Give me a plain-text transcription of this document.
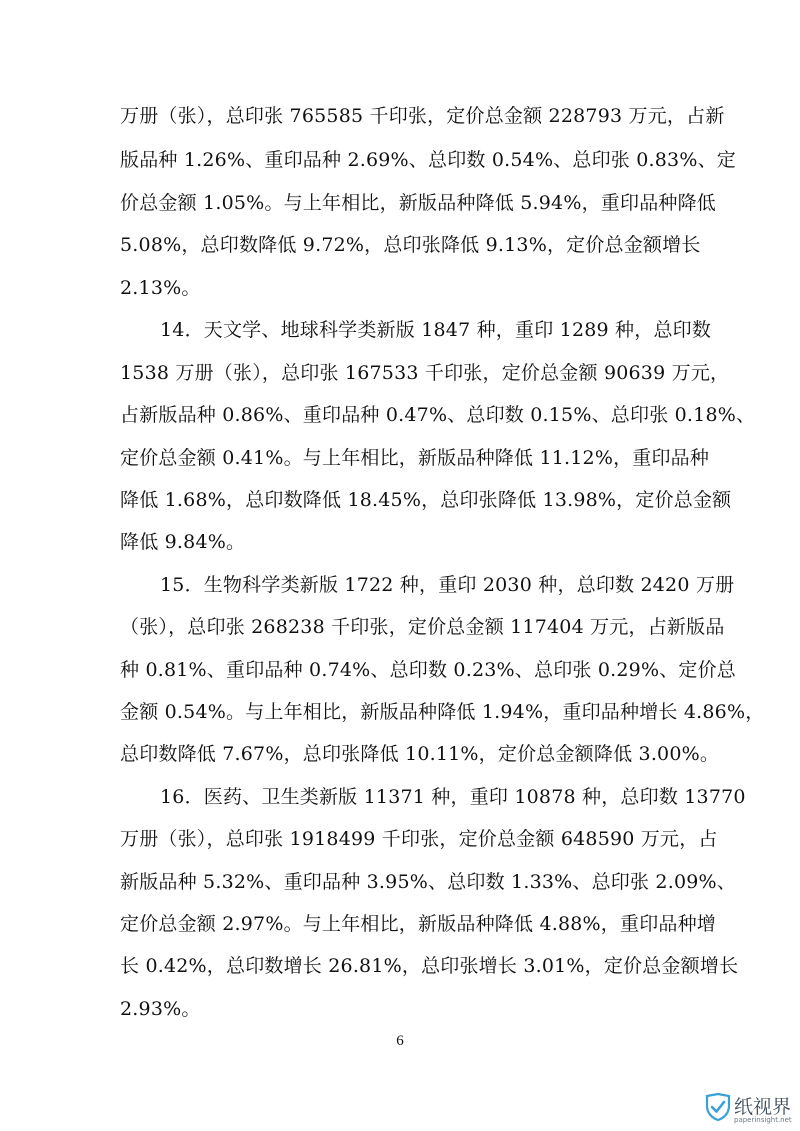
万册（张），总印张 765585 千印张，定价总金额 228793 万元，占新
版品种 1.26%、重印品种 2.69%、总印数 0.54%、总印张 0.83%、定
价总金额 1.05%。与上年相比，新版品种降低 5.94%，重印品种降低
5.08%，总印数降低 9.72%，总印张降低 9.13%，定价总金额增长
2.13%。
14．天文学、地球科学类新版 1847 种，重印 1289 种，总印数
1538 万册（张），总印张 167533 千印张，定价总金额 90639 万元，
占新版品种 0.86%、重印品种 0.47%、总印数 0.15%、总印张 0.18%、
定价总金额 0.41%。与上年相比，新版品种降低 11.12%，重印品种
降低 1.68%，总印数降低 18.45%，总印张降低 13.98%，定价总金额
降低 9.84%。
15．生物科学类新版 1722 种，重印 2030 种，总印数 2420 万册
（张），总印张 268238 千印张，定价总金额 117404 万元，占新版品
种 0.81%、重印品种 0.74%、总印数 0.23%、总印张 0.29%、定价总
金额 0.54%。与上年相比，新版品种降低 1.94%，重印品种增长 4.86%，
总印数降低 7.67%，总印张降低 10.11%，定价总金额降低 3.00%。
16．医药、卫生类新版 11371 种，重印 10878 种，总印数 13770
万册（张），总印张 1918499 千印张，定价总金额 648590 万元，占
新版品种 5.32%、重印品种 3.95%、总印数 1.33%、总印张 2.09%、
定价总金额 2.97%。与上年相比，新版品种降低 4.88%，重印品种增
长 0.42%，总印数增长 26.81%，总印张增长 3.01%，定价总金额增长
2.93%。
6
纸视界
paperinsight.net
